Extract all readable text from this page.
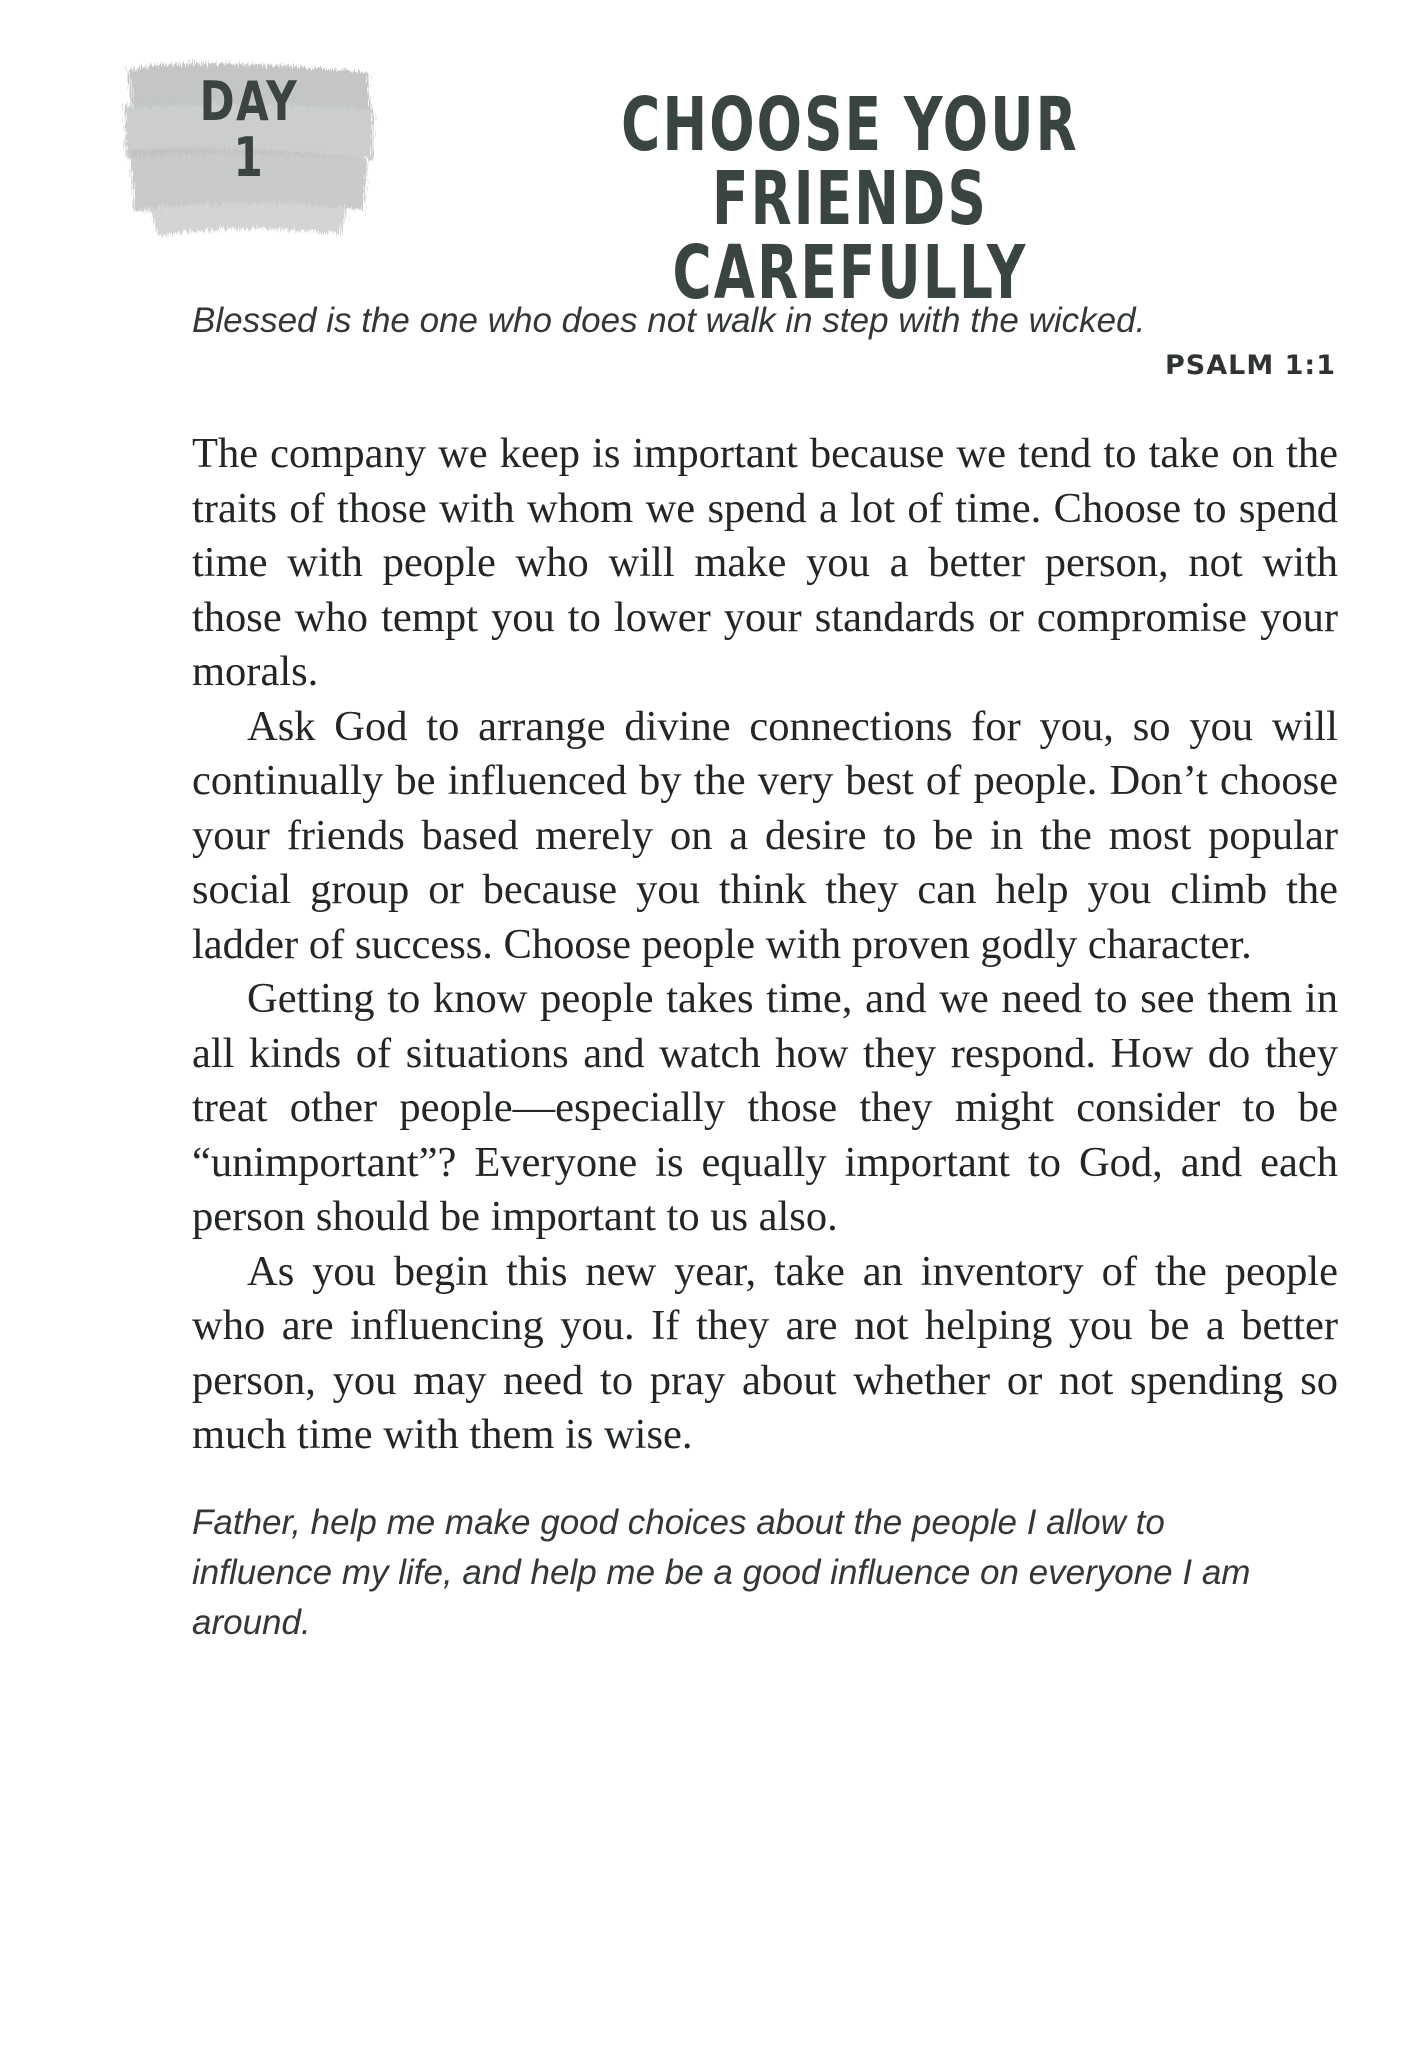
DAY
1	CHOOSE YOUR FRIENDS
CAREFULLY
Blessed is the one who does not walk in step with the wicked.
PSALM 1:1

The company we keep is important because we tend to take on the traits of those with whom we spend a lot of time. Choose to spend time with people who will make you a better person, not with those who tempt you to lower your standards or compromise your morals.

Ask God to arrange divine connections for you, so you will continually be influenced by the very best of people. Don’t choose your friends based merely on a desire to be in the most popular social group or because you think they can help you climb the ladder of success. Choose people with proven godly character.

Getting to know people takes time, and we need to see them in all kinds of situations and watch how they respond. How do they treat other people—especially those they might consider to be “unimportant”? Everyone is equally important to God, and each person should be important to us also.

As you begin this new year, take an inventory of the people who are influencing you. If they are not helping you be a better person, you may need to pray about whether or not spending so much time with them is wise.

Father, help me make good choices about the people I allow to influence my life, and help me be a good influence on everyone I am around.
